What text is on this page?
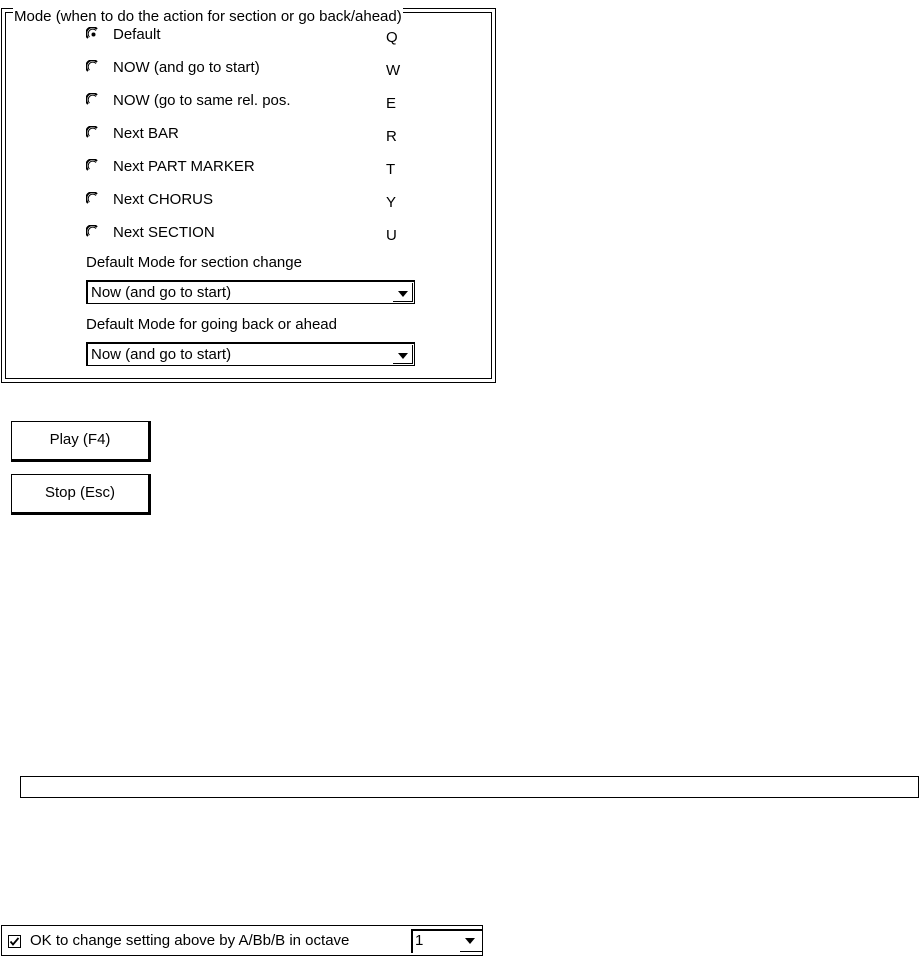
Mode (when to do the action for section or go back/ahead)
Default	Q
NOW (and go to start)	W
NOW (go to same rel. pos.	E
Next BAR	R
Next PART MARKER	T
Next CHORUS	Y
Next SECTION	U
Default Mode for section change
Now (and go to start)
Default Mode for going back or ahead
Now (and go to start)
Play (F4)
Stop (Esc)
OK to change setting above by A/Bb/B in octave	1
